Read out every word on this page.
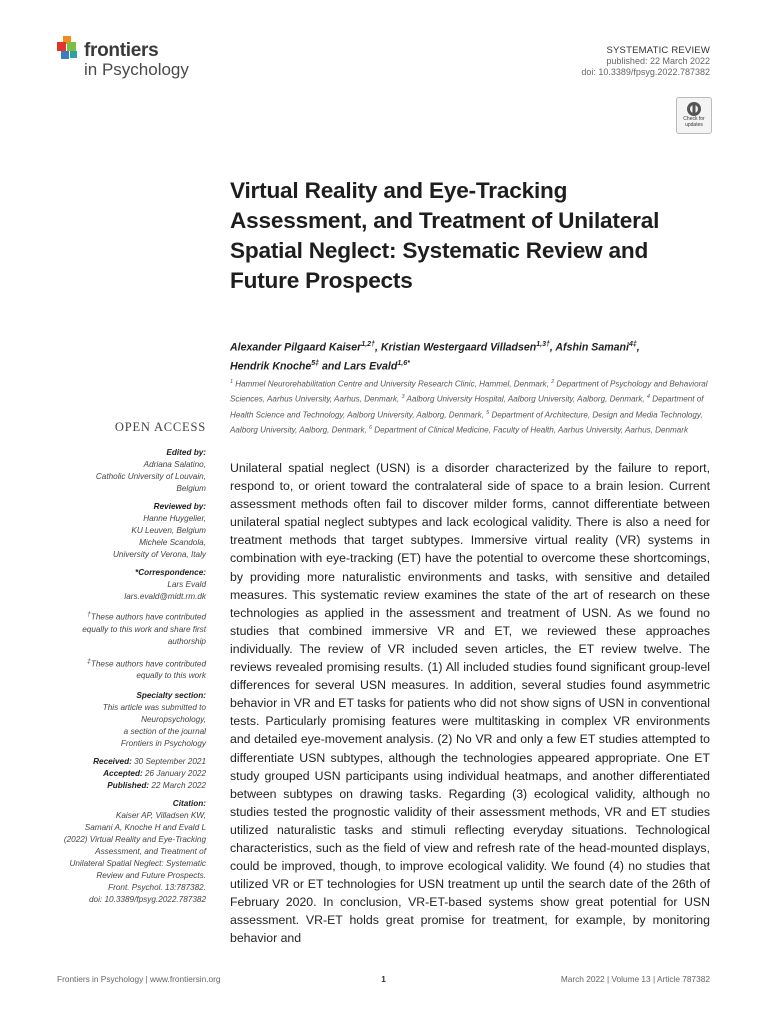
frontiers
in Psychology
SYSTEMATIC REVIEW
published: 22 March 2022
doi: 10.3389/fpsyg.2022.787382
Check for
updates
Virtual Reality and Eye-Tracking Assessment, and Treatment of Unilateral Spatial Neglect: Systematic Review and Future Prospects
Alexander Pilgaard Kaiser$^{1,2\dagger}$, Kristian Westergaard Villadsen$^{1,3\dagger}$, Afshin Samani$^{4\ddagger}$,
Hendrik Knoche$^{5\ddagger}$ and Lars Evald$^{1,6*}$
$^1$ Hammel Neurorehabilitation Centre and University Research Clinic, Hammel, Denmark, $^2$ Department of Psychology and Behavioral Sciences, Aarhus University, Aarhus, Denmark, $^3$ Aalborg University Hospital, Aalborg University, Aalborg, Denmark, $^4$ Department of Health Science and Technology, Aalborg University, Aalborg, Denmark, $^5$ Department of Architecture, Design and Media Technology, Aalborg University, Aalborg, Denmark, $^6$ Department of Clinical Medicine, Faculty of Health, Aarhus University, Aarhus, Denmark
OPEN ACCESS
Edited by:
Adriana Salatino,
Catholic University of Louvain,
Belgium
Reviewed by:
Hanne Huygelier,
KU Leuven, Belgium
Michele Scandola,
University of Verona, Italy
*Correspondence:
Lars Evald
lars.evald@midt.rm.dk
†These authors have contributed
equally to this work and share first
authorship
‡These authors have contributed
equally to this work
Specialty section:
This article was submitted to
Neuropsychology,
a section of the journal
Frontiers in Psychology
Received: 30 September 2021
Accepted: 26 January 2022
Published: 22 March 2022
Citation:
Kaiser AP, Villadsen KW,
Samani A, Knoche H and Evald L
(2022) Virtual Reality and Eye-Tracking
Assessment, and Treatment of
Unilateral Spatial Neglect: Systematic
Review and Future Prospects.
Front. Psychol. 13:787382.
doi: 10.3389/fpsyg.2022.787382

Unilateral spatial neglect (USN) is a disorder characterized by the failure to report, respond to, or orient toward the contralateral side of space to a brain lesion. Current assessment methods often fail to discover milder forms, cannot differentiate between unilateral spatial neglect subtypes and lack ecological validity. There is also a need for treatment methods that target subtypes. Immersive virtual reality (VR) systems in combination with eye-tracking (ET) have the potential to overcome these shortcomings, by providing more naturalistic environments and tasks, with sensitive and detailed measures. This systematic review examines the state of the art of research on these technologies as applied in the assessment and treatment of USN. As we found no studies that combined immersive VR and ET, we reviewed these approaches individually. The review of VR included seven articles, the ET review twelve. The reviews revealed promising results. (1) All included studies found significant group-level differences for several USN measures. In addition, several studies found asymmetric behavior in VR and ET tasks for patients who did not show signs of USN in conventional tests. Particularly promising features were multitasking in complex VR environments and detailed eye-movement analysis. (2) No VR and only a few ET studies attempted to differentiate USN subtypes, although the technologies appeared appropriate. One ET study grouped USN participants using individual heatmaps, and another differentiated between subtypes on drawing tasks. Regarding (3) ecological validity, although no studies tested the prognostic validity of their assessment methods, VR and ET studies utilized naturalistic tasks and stimuli reflecting everyday situations. Technological characteristics, such as the field of view and refresh rate of the head-mounted displays, could be improved, though, to improve ecological validity. We found (4) no studies that utilized VR or ET technologies for USN treatment up until the search date of the 26th of February 2020. In conclusion, VR-ET-based systems show great potential for USN assessment. VR-ET holds great promise for treatment, for example, by monitoring behavior and

Frontiers in Psychology | www.frontiersin.org	1	March 2022 | Volume 13 | Article 787382
